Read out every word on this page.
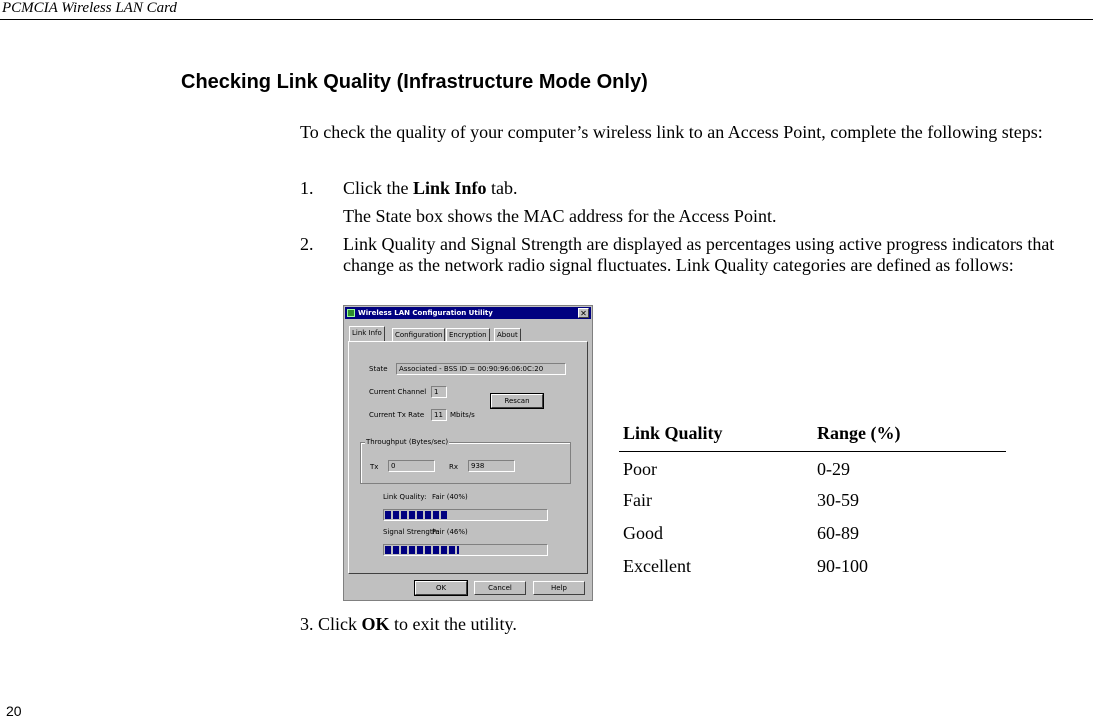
PCMCIA Wireless LAN Card
Checking Link Quality (Infrastructure Mode Only)
To check the quality of your computer’s wireless link to an Access Point, complete the following steps:
1. Click the Link Info tab.
The State box shows the MAC address for the Access Point.
2. Link Quality and Signal Strength are displayed as percentages using active progress indicators that change as the network radio signal fluctuates. Link Quality categories are defined as follows:
Wireless LAN Configuration Utility	✕
Link Info	Configuration Encryption	About
State	Associated - BSS ID = 00:90:96:06:0C:20
Current Channel	1
Current Tx Rate	11	Mbits/s
Rescan
Throughput (Bytes/sec)
Tx	0	Rx	938
Link Quality: Fair (40%)
Signal Strength:
Fair (46%)
OK	Cancel	Help
Link Quality	Range (%)
Poor	0-29
Fair	30-59
Good	60-89
Excellent	90-100
3. Click OK to exit the utility.
20
